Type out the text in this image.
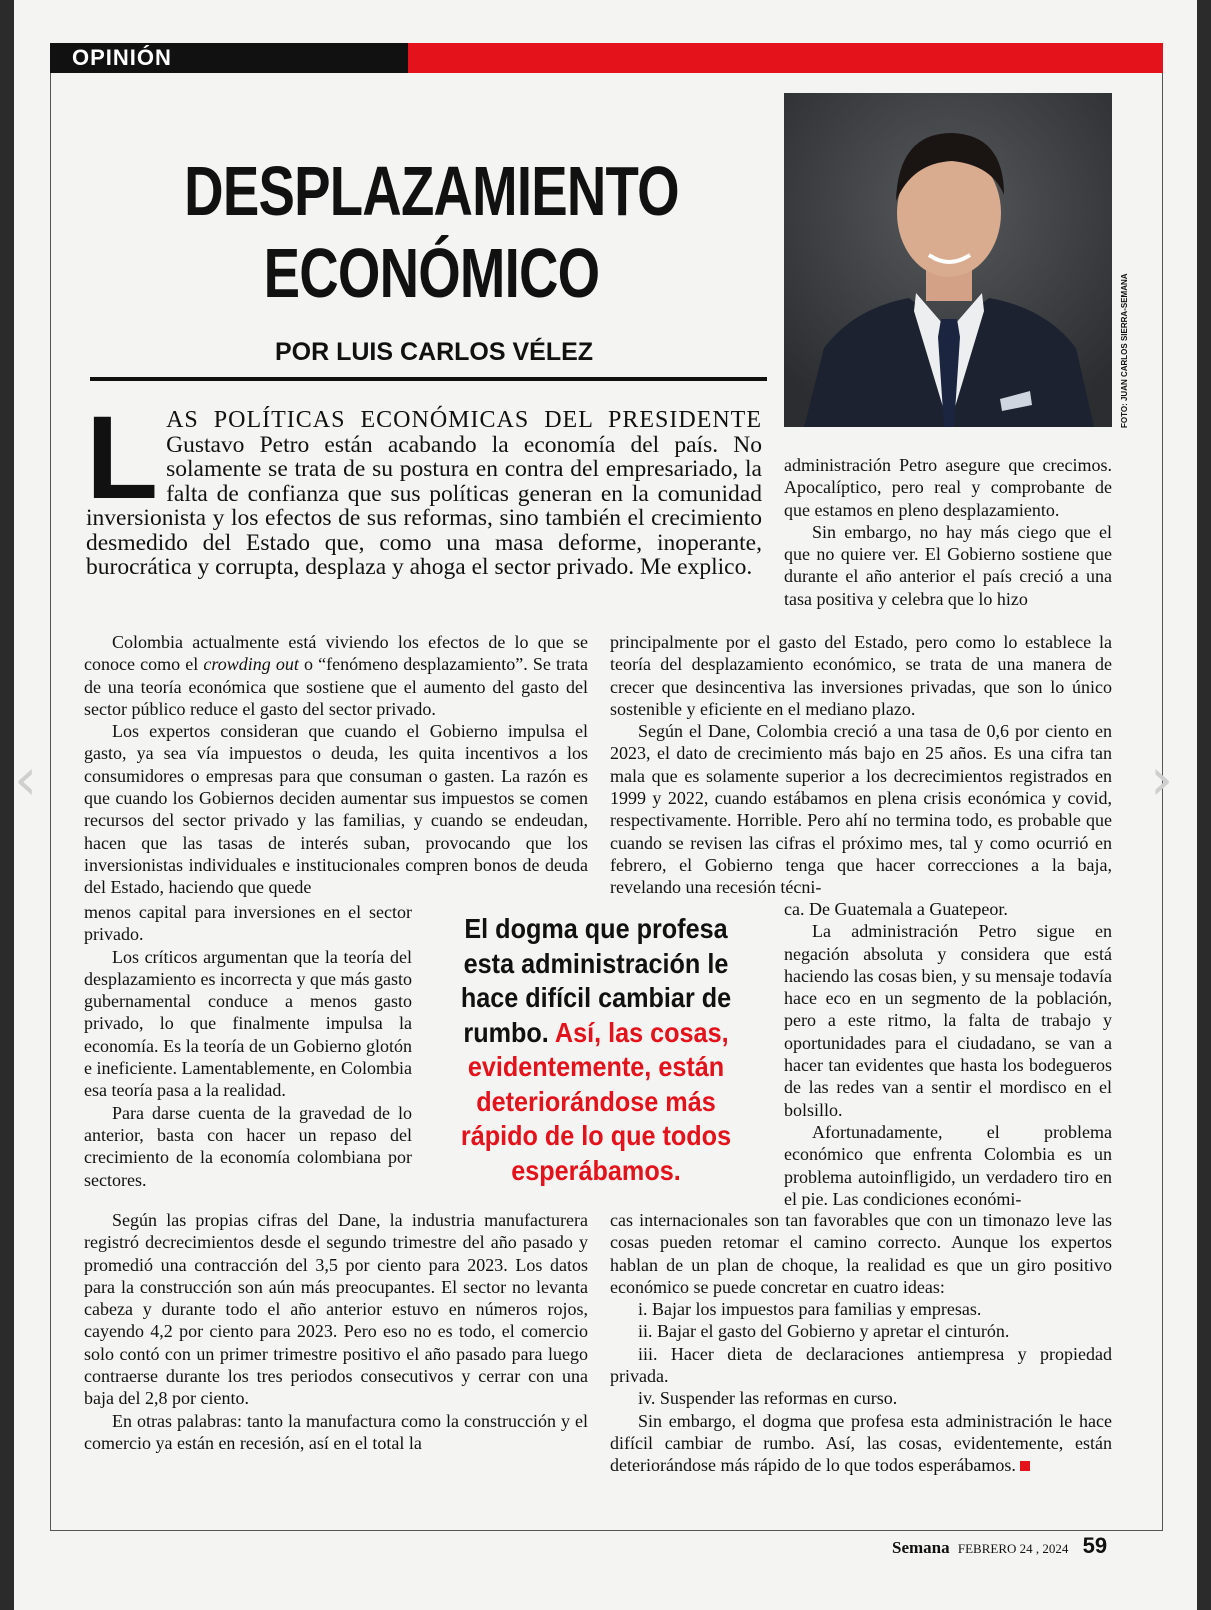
OPINIÓN
DESPLAZAMIENTO
ECONÓMICO
POR LUIS CARLOS VÉLEZ	FOTO: JUAN CARLOS SIERRA-SEMANA
‹	›
LAS POLÍTICAS ECONÓMICAS DEL PRESIDENTE Gustavo Petro están acabando la economía del país. No solamente se trata de su postura en contra del empresariado, la falta de confianza que sus políticas generan en la comunidad inversionista y los efectos de sus reformas, sino también el crecimiento desmedido del Estado que, como una masa deforme, inoperante, burocrática y corrupta, desplaza y ahoga el sector privado. Me explico.

Colombia actualmente está viviendo los efectos de lo que se conoce como el crowding out o “fenómeno desplazamiento”. Se trata de una teoría económica que sostiene que el aumento del gasto del sector público reduce el gasto del sector privado.

Los expertos consideran que cuando el Gobierno impulsa el gasto, ya sea vía impuestos o deuda, les quita incentivos a los consumidores o empresas para que consuman o gasten. La razón es que cuando los Gobiernos deciden aumentar sus impuestos se comen recursos del sector privado y las familias, y cuando se endeudan, hacen que las tasas de interés suban, provocando que los inversionistas individuales e institucionales compren bonos de deuda del Estado, haciendo que quede

menos capital para inversiones en el sector privado.

Los críticos argumentan que la teoría del desplazamiento es incorrecta y que más gasto gubernamental conduce a menos gasto privado, lo que finalmente impulsa la economía. Es la teoría de un Gobierno glotón e ineficiente. Lamentablemente, en Colombia esa teoría pasa a la realidad.

Para darse cuenta de la gravedad de lo anterior, basta con hacer un repaso del crecimiento de la economía colombiana por sectores.

Según las propias cifras del Dane, la industria manufacturera registró decrecimientos desde el segundo trimestre del año pasado y promedió una contracción del 3,5 por ciento para 2023. Los datos para la construcción son aún más preocupantes. El sector no levanta cabeza y durante todo el año anterior estuvo en números rojos, cayendo 4,2 por ciento para 2023. Pero eso no es todo, el comercio solo contó con un primer trimestre positivo el año pasado para luego contraerse durante los tres periodos consecutivos y cerrar con una baja del 2,8 por ciento.

En otras palabras: tanto la manufactura como la construcción y el comercio ya están en recesión, así en el total la

principalmente por el gasto del Estado, pero como lo establece la teoría del desplazamiento económico, se trata de una manera de crecer que desincentiva las inversiones privadas, que son lo único sostenible y eficiente en el mediano plazo.

Según el Dane, Colombia creció a una tasa de 0,6 por ciento en 2023, el dato de crecimiento más bajo en 25 años. Es una cifra tan mala que es solamente superior a los decrecimientos registrados en 1999 y 2022, cuando estábamos en plena crisis económica y covid, respectivamente. Horrible. Pero ahí no termina todo, es probable que cuando se revisen las cifras el próximo mes, tal y como ocurrió en febrero, el Gobierno tenga que hacer correcciones a la baja, revelando una recesión técni-

cas internacionales son tan favorables que con un timonazo leve las cosas pueden retomar el camino correcto. Aunque los expertos hablan de un plan de choque, la realidad es que un giro positivo económico se puede concretar en cuatro ideas:

i. Bajar los impuestos para familias y empresas.

ii. Bajar el gasto del Gobierno y apretar el cinturón.

iii. Hacer dieta de declaraciones antiempresa y propiedad privada.

iv. Suspender las reformas en curso.

Sin embargo, el dogma que profesa esta administración le hace difícil cambiar de rumbo. Así, las cosas, evidentemente, están deteriorándose más rápido de lo que todos esperábamos.

administración Petro asegure que crecimos. Apocalíptico, pero real y comprobante de que estamos en pleno desplazamiento.

Sin embargo, no hay más ciego que el que no quiere ver. El Gobierno sostiene que durante el año anterior el país creció a una tasa positiva y celebra que lo hizo

ca. De Guatemala a Guatepeor.

La administración Petro sigue en negación absoluta y considera que está haciendo las cosas bien, y su mensaje todavía hace eco en un segmento de la población, pero a este ritmo, la falta de trabajo y oportunidades para el ciudadano, se van a hacer tan evidentes que hasta los bodegueros de las redes van a sentir el mordisco en el bolsillo.

Afortunadamente, el problema económico que enfrenta Colombia es un problema autoinfligido, un verdadero tiro en el pie. Las condiciones económi-

El dogma que profesa esta administración le hace difícil cambiar de rumbo. Así, las cosas, evidentemente, están deteriorándose más rápido de lo que todos esperábamos.
Semana FEBRERO 24 , 2024 59
